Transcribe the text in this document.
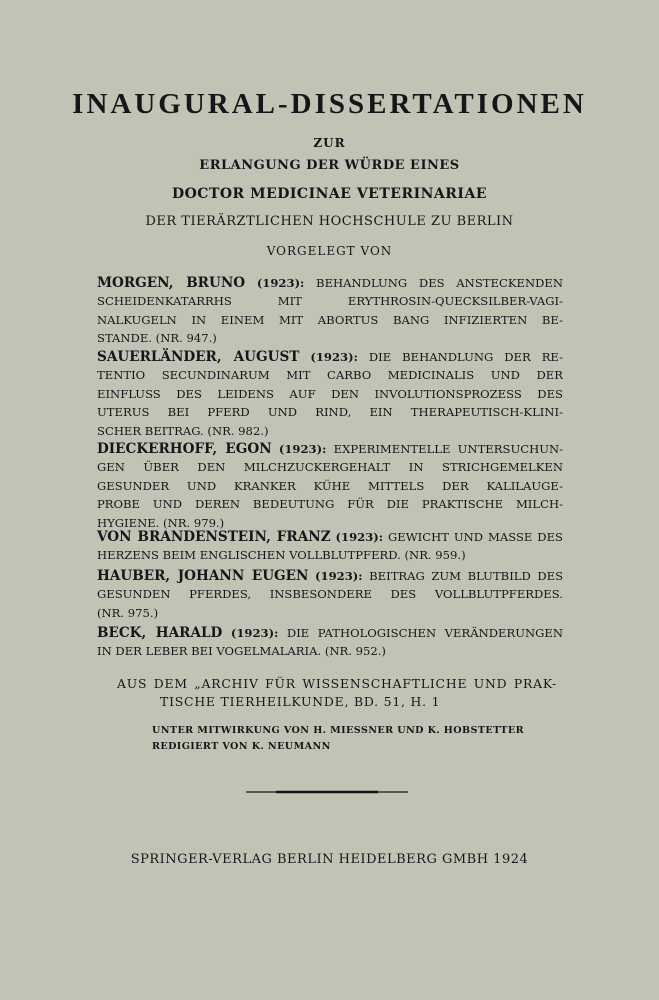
INAUGURAL-DISSERTATIONEN
ZUR
ERLANGUNG DER WÜRDE EINES
DOCTOR MEDICINAE VETERINARIAE
DER TIERÄRZTLICHEN HOCHSCHULE ZU BERLIN
VORGELEGT VON
MORGEN, BRUNO (1923): BEHANDLUNG DES ANSTECKENDEN
SCHEIDENKATARRHS MIT ERYTHROSIN-QUECKSILBER-VAGI-
NALKUGELN IN EINEM MIT ABORTUS BANG INFIZIERTEN BE-
STANDE. (NR. 947.)
SAUERLÄNDER, AUGUST (1923): DIE BEHANDLUNG DER RE-
TENTIO SECUNDINARUM MIT CARBO MEDICINALIS UND DER
EINFLUSS DES LEIDENS AUF DEN INVOLUTIONSPROZESS DES
UTERUS BEI PFERD UND RIND, EIN THERAPEUTISCH-KLINI-
SCHER BEITRAG. (NR. 982.)
DIECKERHOFF, EGON (1923): EXPERIMENTELLE UNTERSUCHUN-
GEN ÜBER DEN MILCHZUCKERGEHALT IN STRICHGEMELKEN
GESUNDER UND KRANKER KÜHE MITTELS DER KALILAUGE-
PROBE UND DEREN BEDEUTUNG FÜR DIE PRAKTISCHE MILCH-
HYGIENE. (NR. 979.)
VON BRANDENSTEIN, FRANZ (1923): GEWICHT UND MASSE DES
HERZENS BEIM ENGLISCHEN VOLLBLUTPFERD. (NR. 959.)
HAUBER, JOHANN EUGEN (1923): BEITRAG ZUM BLUTBILD DES
GESUNDEN PFERDES, INSBESONDERE DES VOLLBLUTPFERDES.
(NR. 975.)
BECK, HARALD (1923): DIE PATHOLOGISCHEN VERÄNDERUNGEN
IN DER LEBER BEI VOGELMALARIA. (NR. 952.)
AUS DEM „ARCHIV FÜR WISSENSCHAFTLICHE UND PRAK-
TISCHE TIERHEILKUNDE, BD. 51, H. 1
UNTER MITWIRKUNG VON H. MIESSNER UND K. HOBSTETTER
REDIGIERT VON K. NEUMANN
SPRINGER-VERLAG BERLIN HEIDELBERG GMBH 1924
